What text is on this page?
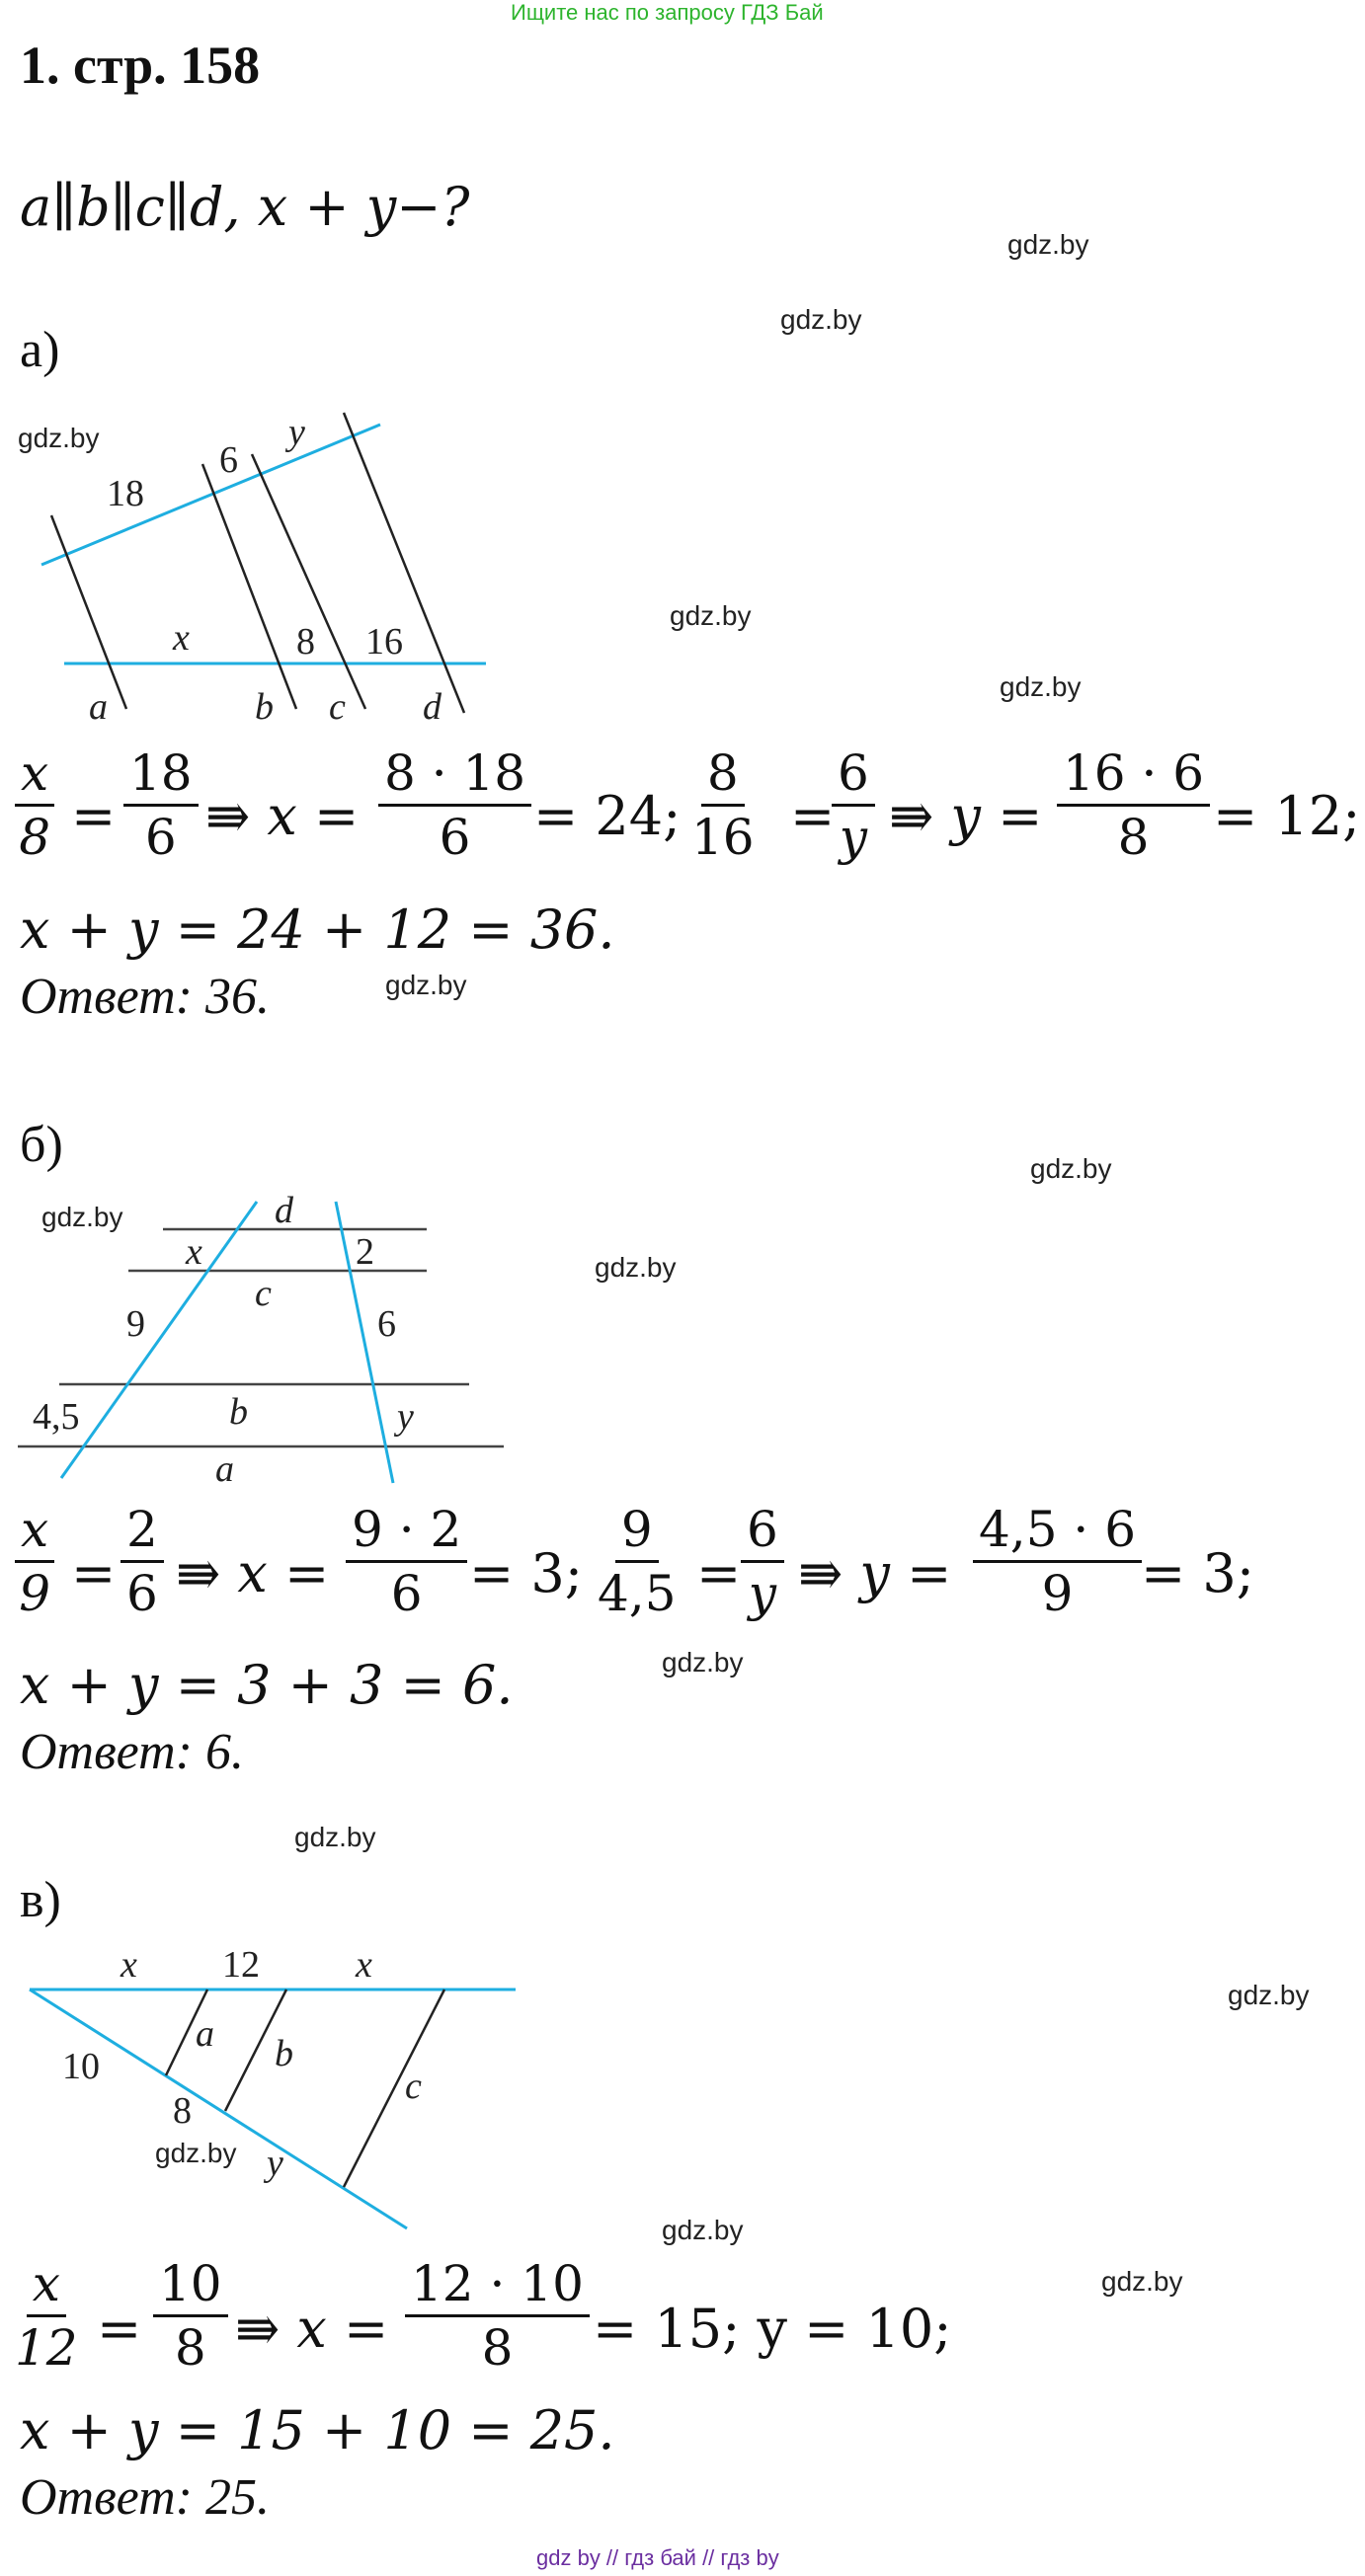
Ищите нас по запросу ГДЗ Бай
1. стр. 158
a∥b∥c∥d, x + y−?
gdz.by
gdz.by
gdz.by
gdz.by
gdz.by
gdz.by
gdz.by
gdz.by
gdz.by
gdz.by
gdz.by
gdz.by
gdz.by
gdz.by
gdz.by
а)
18
6
y
x	8 16
a	b c d
$\frac{x}{8} = \frac{18}{6}$ ⇛ $x = \frac{8 \cdot 18}{6} = 24$; $\frac{8}{16}$ =
$\frac{6}{y}$ ⇛ $y = \frac{16 \cdot 6}{8} = 12$;
x + y = 24 + 12 = 36.
Ответ: 36.
б)
d
x	2
c
9	6
4,5	b	y
a
$\frac{x}{9} = \frac{2}{6}$ ⇛ $x = \frac{9 \cdot 2}{6} = 3$; $\frac{9}{4,5} = \frac{6}{y}$ ⇛ $y = \frac{4,5 \cdot 6}{9}$
= 3;
x + y = 3 + 3 = 6.
Ответ: 6.
в)
x 12	x
10
a b
8
c
y
$\frac{x}{12} = \frac{10}{8}$ ⇛ $x = \frac{12 \cdot 10}{8} = 15$; y = 10;
x + y = 15 + 10 = 25.
Ответ: 25.
gdz by // гдз бай // гдз by
